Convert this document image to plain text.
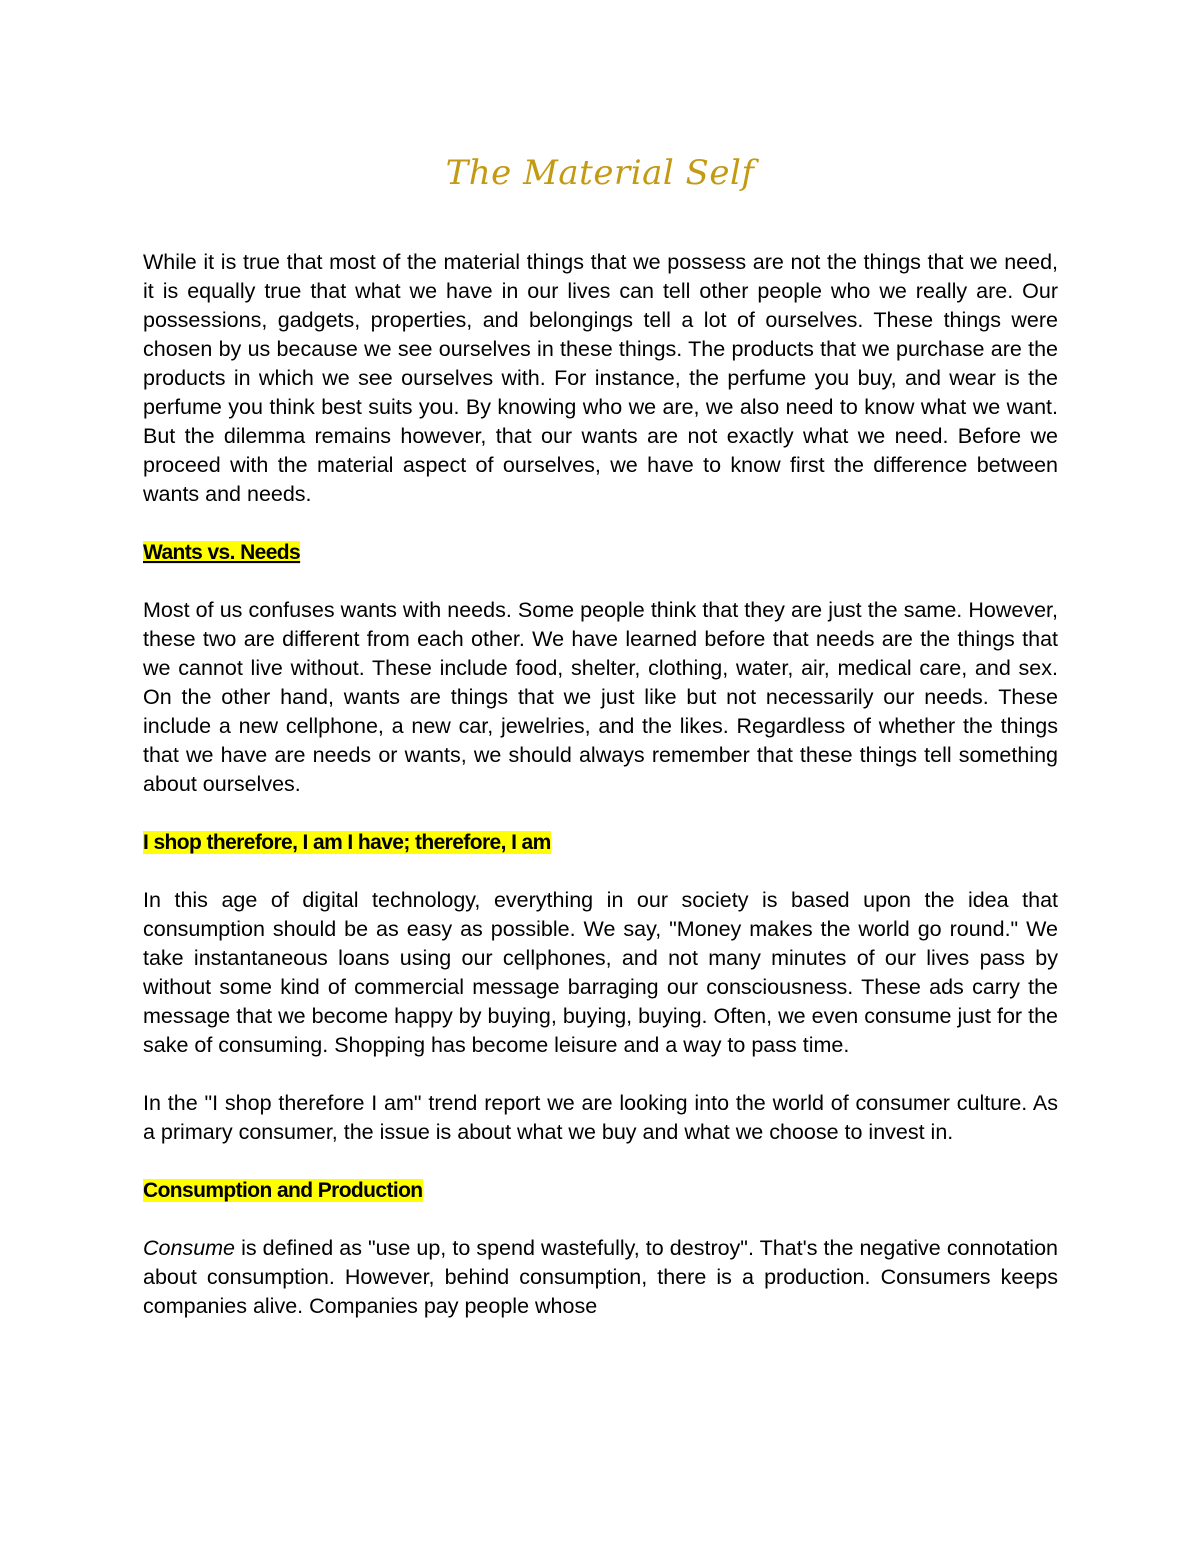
The Material Self

While it is true that most of the material things that we possess are not the things that we need, it is equally true that what we have in our lives can tell other people who we really are. Our possessions, gadgets, properties, and belongings tell a lot of ourselves. These things were chosen by us because we see ourselves in these things. The products that we purchase are the products in which we see ourselves with. For instance, the perfume you buy, and wear is the perfume you think best suits you. By knowing who we are, we also need to know what we want. But the dilemma remains however, that our wants are not exactly what we need. Before we proceed with the material aspect of ourselves, we have to know first the difference between wants and needs.

Wants vs. Needs

Most of us confuses wants with needs. Some people think that they are just the same. However, these two are different from each other. We have learned before that needs are the things that we cannot live without. These include food, shelter, clothing, water, air, medical care, and sex. On the other hand, wants are things that we just like but not necessarily our needs. These include a new cellphone, a new car, jewelries, and the likes. Regardless of whether the things that we have are needs or wants, we should always remember that these things tell something about ourselves.

I shop therefore, I am I have; therefore, I am

In this age of digital technology, everything in our society is based upon the idea that consumption should be as easy as possible. We say, "Money makes the world go round." We take instantaneous loans using our cellphones, and not many minutes of our lives pass by without some kind of commercial message barraging our consciousness. These ads carry the message that we become happy by buying, buying, buying. Often, we even consume just for the sake of consuming. Shopping has become leisure and a way to pass time.

In the "I shop therefore I am" trend report we are looking into the world of consumer culture. As a primary consumer, the issue is about what we buy and what we choose to invest in.

Consumption and Production

Consume is defined as "use up, to spend wastefully, to destroy". That's the negative connotation about consumption. However, behind consumption, there is a production. Consumers keeps companies alive. Companies pay people whose
